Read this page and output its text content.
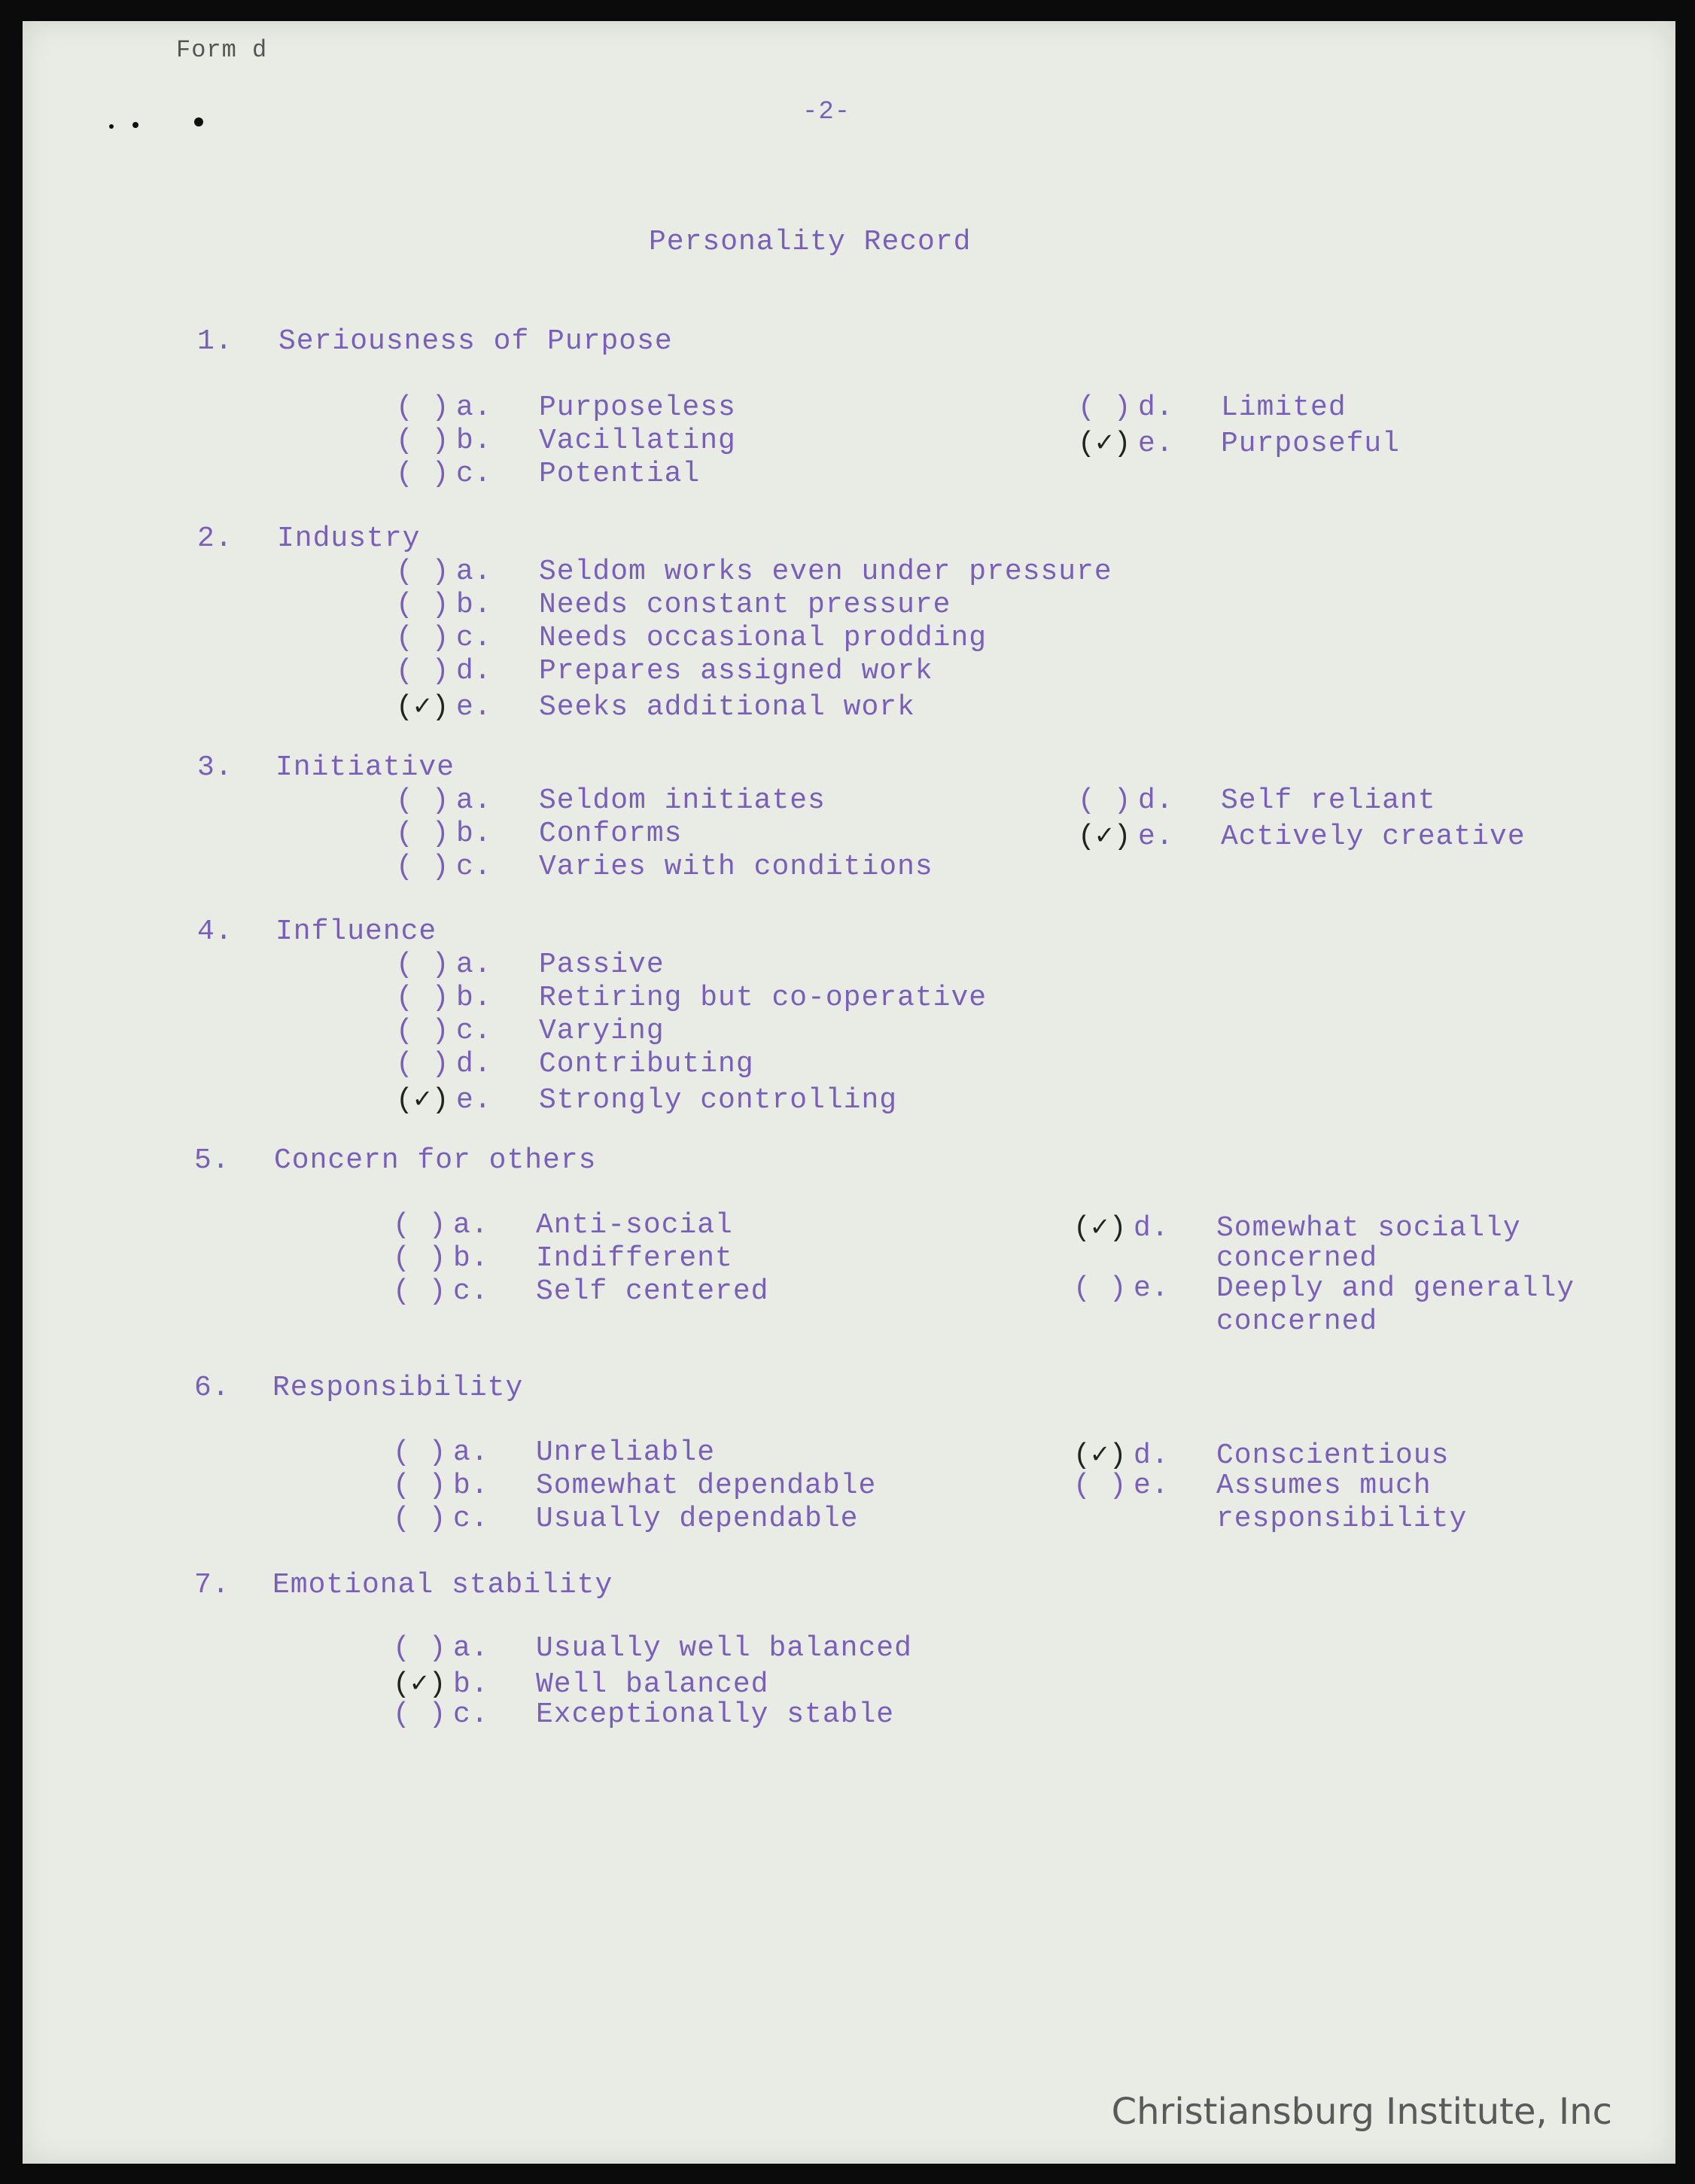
Form d
-2-
Personality Record
1. Seriousness of Purpose
( ) a. Purposeless
( ) b. Vacillating
( ) c. Potential
( ) d. Limited
(✓) e. Purposeful
2. Industry
( ) a. Seldom works even under pressure
( ) b. Needs constant pressure
( ) c. Needs occasional prodding
( ) d. Prepares assigned work
(✓) e. Seeks additional work
3. Initiative
( ) a. Seldom initiates
( ) b. Conforms
( ) c. Varies with conditions
( ) d. Self reliant
(✓) e. Actively creative
4. Influence
( ) a. Passive
( ) b. Retiring but co-operative
( ) c. Varying
( ) d. Contributing
(✓) e. Strongly controlling
5. Concern for others
( ) a. Anti-social
( ) b. Indifferent
( ) c. Self centered
(✓) d. Somewhat socially
concerned
( ) e. Deeply and generally
concerned
6. Responsibility
( ) a. Unreliable
( ) b. Somewhat dependable
( ) c. Usually dependable
(✓) d. Conscientious
( ) e. Assumes much
responsibility
7. Emotional stability
( ) a. Usually well balanced
(✓) b. Well balanced
( ) c. Exceptionally stable
Christiansburg Institute, Inc
